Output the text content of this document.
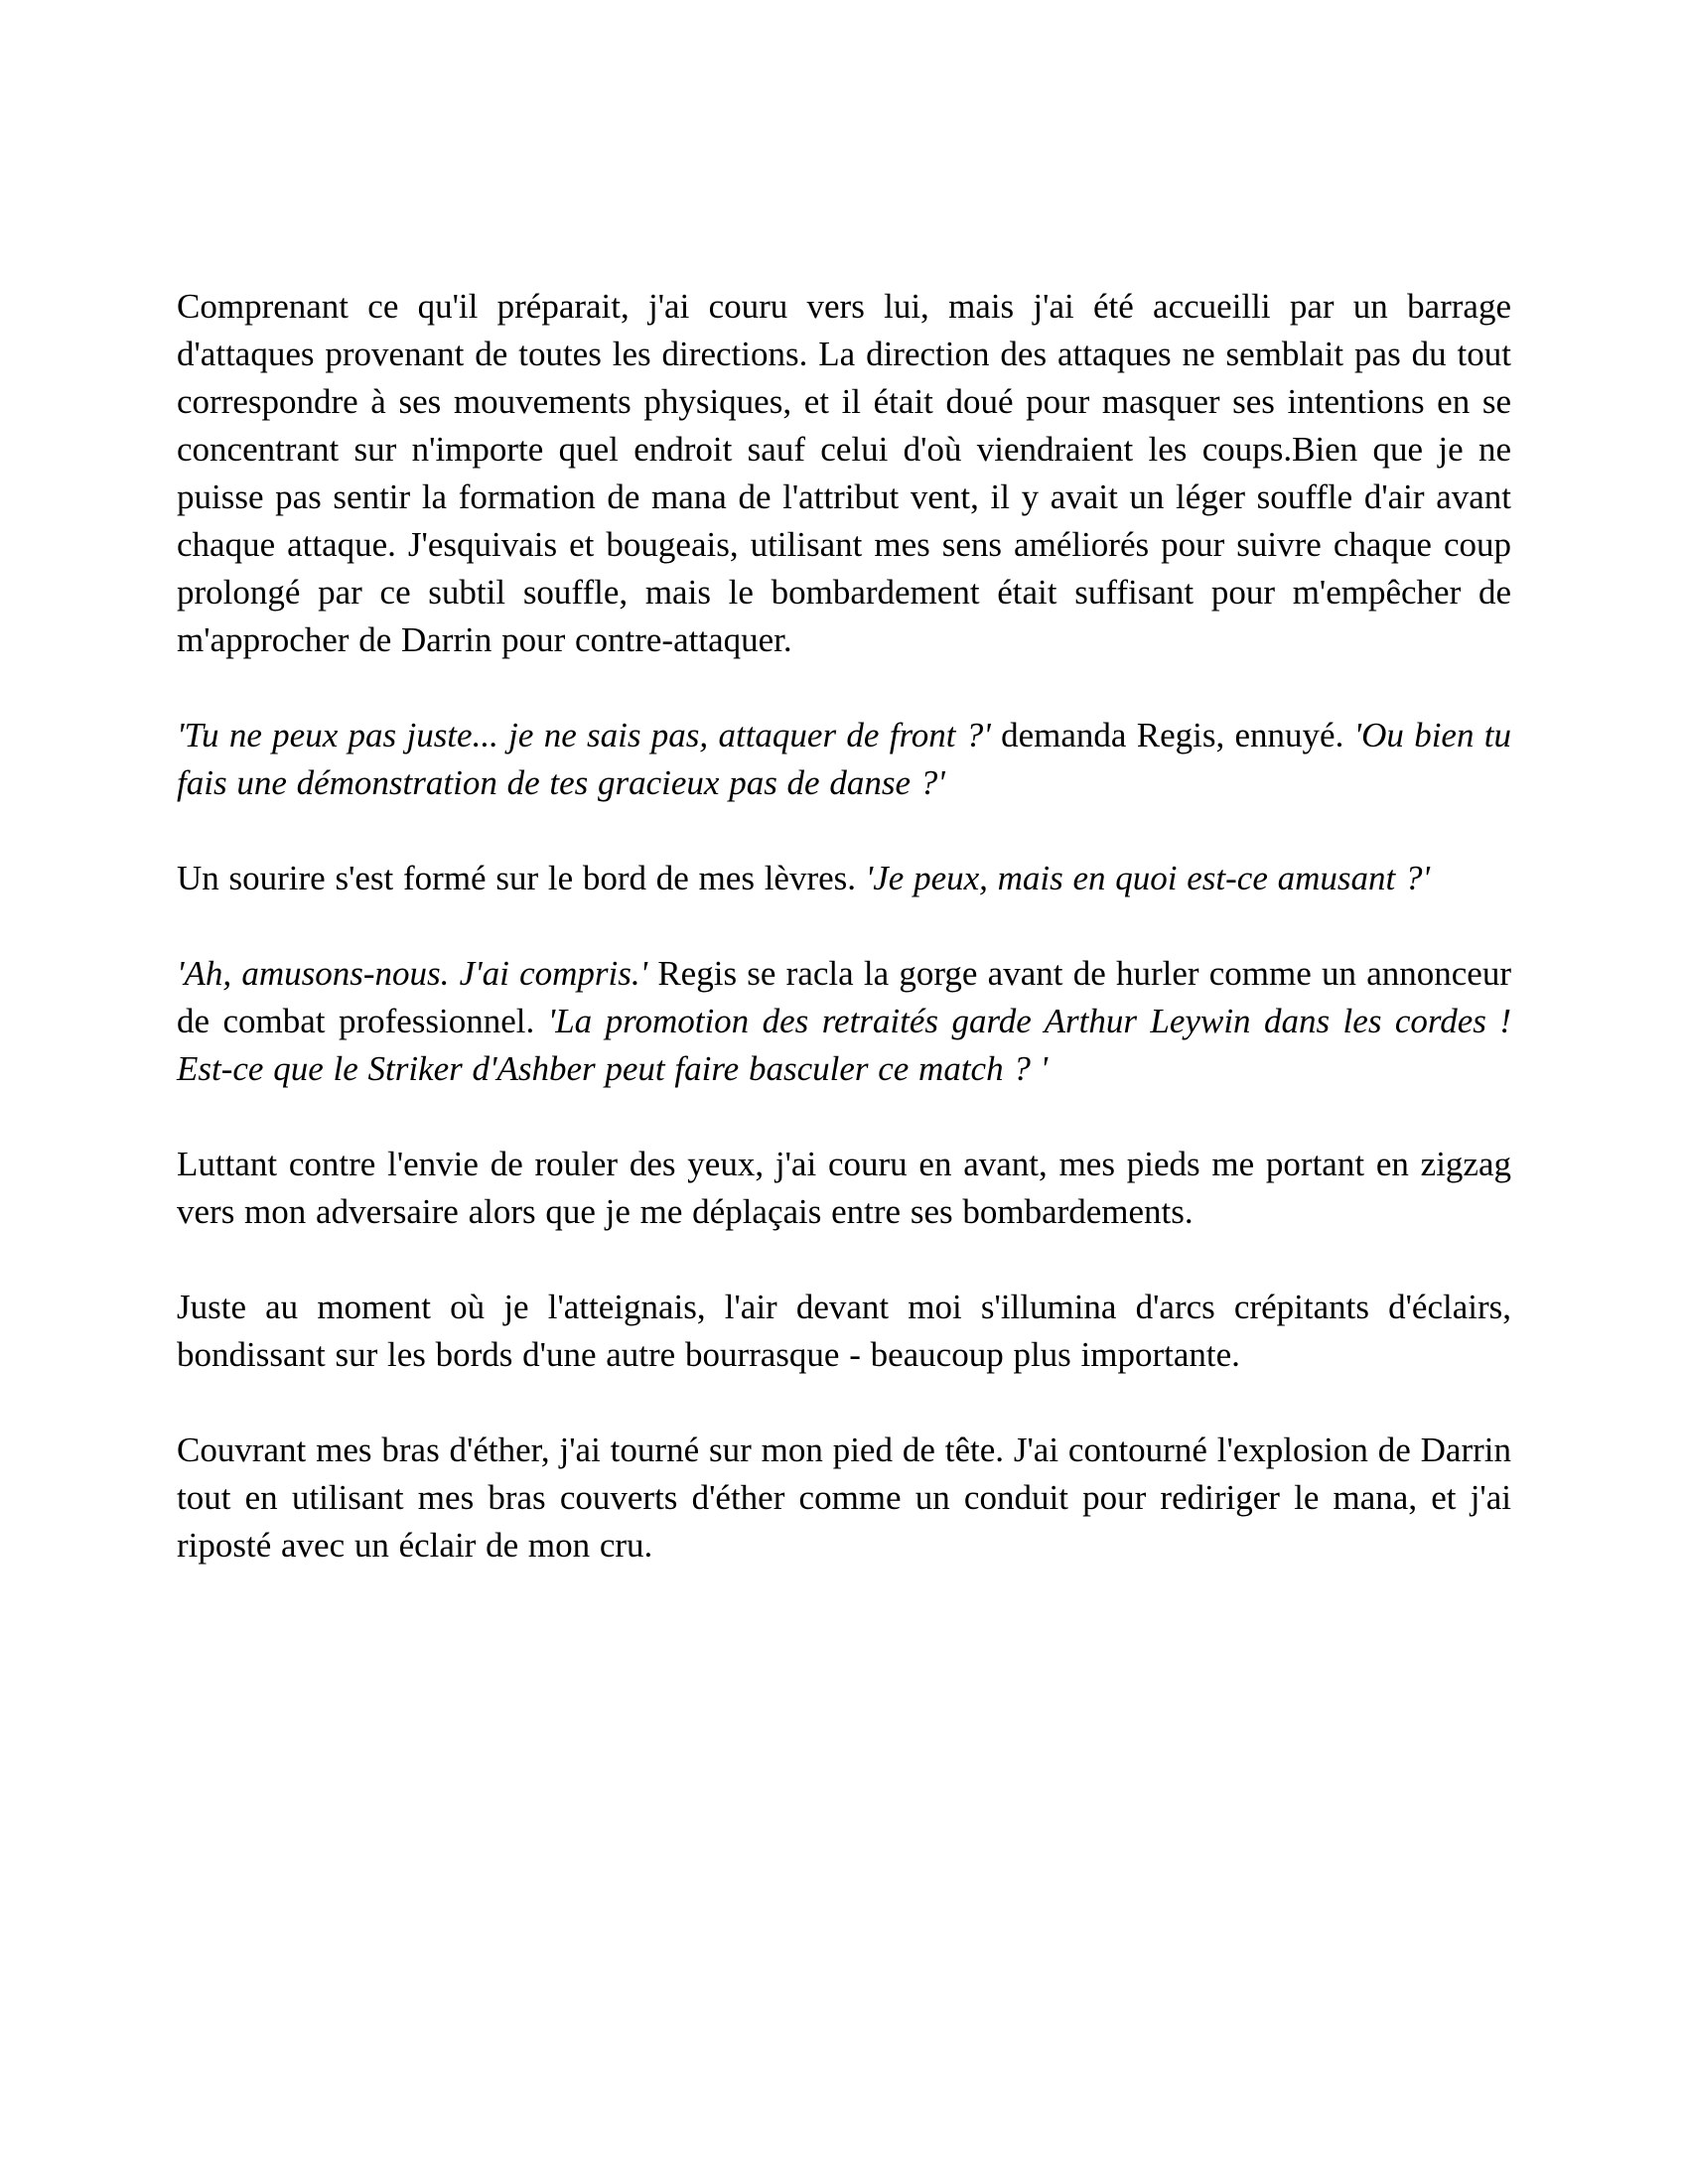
Comprenant ce qu'il préparait, j'ai couru vers lui, mais j'ai été accueilli par un barrage d'attaques provenant de toutes les directions. La direction des attaques ne semblait pas du tout correspondre à ses mouvements physiques, et il était doué pour masquer ses intentions en se concentrant sur n'importe quel endroit sauf celui d'où viendraient les coups.Bien que je ne puisse pas sentir la formation de mana de l'attribut vent, il y avait un léger souffle d'air avant chaque attaque. J'esquivais et bougeais, utilisant mes sens améliorés pour suivre chaque coup prolongé par ce subtil souffle, mais le bombardement était suffisant pour m'empêcher de m'approcher de Darrin pour contre-attaquer.

'Tu ne peux pas juste... je ne sais pas, attaquer de front ?' demanda Regis, ennuyé. 'Ou bien tu fais une démonstration de tes gracieux pas de danse ?'

Un sourire s'est formé sur le bord de mes lèvres. 'Je peux, mais en quoi est-ce amusant ?'

'Ah, amusons-nous. J'ai compris.' Regis se racla la gorge avant de hurler comme un annonceur de combat professionnel. 'La promotion des retraités garde Arthur Leywin dans les cordes ! Est-ce que le Striker d'Ashber peut faire basculer ce match ? '

Luttant contre l'envie de rouler des yeux, j'ai couru en avant, mes pieds me portant en zigzag vers mon adversaire alors que je me déplaçais entre ses bombardements.

Juste au moment où je l'atteignais, l'air devant moi s'illumina d'arcs crépitants d'éclairs, bondissant sur les bords d'une autre bourrasque - beaucoup plus importante.

Couvrant mes bras d'éther, j'ai tourné sur mon pied de tête. J'ai contourné l'explosion de Darrin tout en utilisant mes bras couverts d'éther comme un conduit pour rediriger le mana, et j'ai riposté avec un éclair de mon cru.
